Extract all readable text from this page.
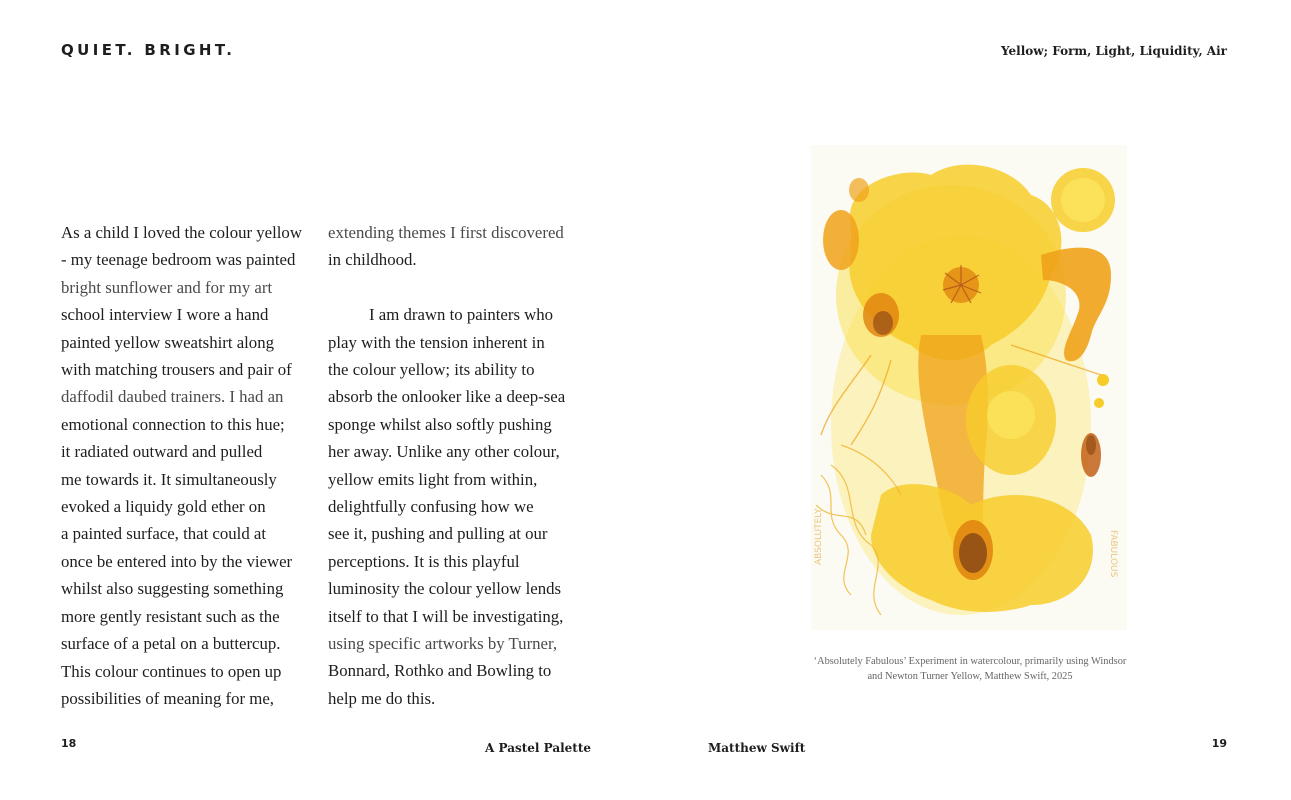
QUIET. BRIGHT.	Yellow; Form, Light, Liquidity, Air
As a child I loved the colour yellow
- my teenage bedroom was painted
bright sunflower and for my art
school interview I wore a hand
painted yellow sweatshirt along
with matching trousers and pair of
daffodil daubed trainers. I had an
emotional connection to this hue;
it radiated outward and pulled
me towards it. It simultaneously
evoked a liquidy gold ether on
a painted surface, that could at
once be entered into by the viewer
whilst also suggesting something
more gently resistant such as the
surface of a petal on a buttercup.
This colour continues to open up
possibilities of meaning for me,
extending themes I first discovered
in childhood.
I am drawn to painters who
play with the tension inherent in
the colour yellow; its ability to
absorb the onlooker like a deep-sea
sponge whilst also softly pushing
her away. Unlike any other colour,
yellow emits light from within,
delightfully confusing how we
see it, pushing and pulling at our
perceptions. It is this playful
luminosity the colour yellow lends
itself to that I will be investigating,
using specific artworks by Turner,
Bonnard, Rothko and Bowling to
help me do this.
FABULOUS
ABSOLUTELY
‘Absolutely Fabulous’ Experiment in watercolour, primarily using Windsor
and Newton Turner Yellow, Matthew Swift, 2025
18	A Pastel Palette	Matthew Swift	19
